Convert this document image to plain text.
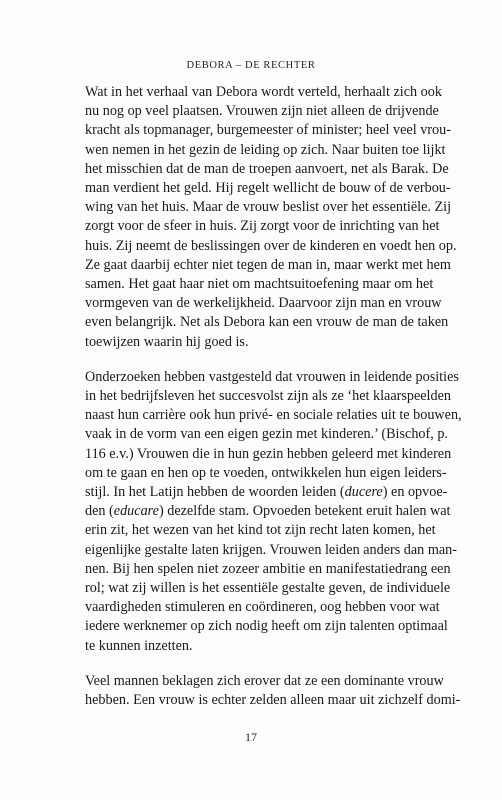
DEBORA – DE RECHTER

Wat in het verhaal van Debora wordt verteld, herhaalt zich ook
nu nog op veel plaatsen. Vrouwen zijn niet alleen de drijvende
kracht als topmanager, burgemeester of minister; heel veel vrou-
wen nemen in het gezin de leiding op zich. Naar buiten toe lijkt
het misschien dat de man de troepen aanvoert, net als Barak. De
man verdient het geld. Hij regelt wellicht de bouw of de verbou-
wing van het huis. Maar de vrouw beslist over het essentiële. Zij
zorgt voor de sfeer in huis. Zij zorgt voor de inrichting van het
huis. Zij neemt de beslissingen over de kinderen en voedt hen op.
Ze gaat daarbij echter niet tegen de man in, maar werkt met hem
samen. Het gaat haar niet om machtsuitoefening maar om het
vormgeven van de werkelijkheid. Daarvoor zijn man en vrouw
even belangrijk. Net als Debora kan een vrouw de man de taken
toewijzen waarin hij goed is.

Onderzoeken hebben vastgesteld dat vrouwen in leidende posities
in het bedrijfsleven het succesvolst zijn als ze ‘het klaarspeelden
naast hun carrière ook hun privé- en sociale relaties uit te bouwen,
vaak in de vorm van een eigen gezin met kinderen.’ (Bischof, p.
116 e.v.) Vrouwen die in hun gezin hebben geleerd met kinderen
om te gaan en hen op te voeden, ontwikkelen hun eigen leiders-
stijl. In het Latijn hebben de woorden leiden (ducere) en opvoe-
den (educare) dezelfde stam. Opvoeden betekent eruit halen wat
erin zit, het wezen van het kind tot zijn recht laten komen, het
eigenlijke gestalte laten krijgen. Vrouwen leiden anders dan man-
nen. Bij hen spelen niet zozeer ambitie en manifestatiedrang een
rol; wat zij willen is het essentiële gestalte geven, de individuele
vaardigheden stimuleren en coördineren, oog hebben voor wat
iedere werknemer op zich nodig heeft om zijn talenten optimaal
te kunnen inzetten.

Veel mannen beklagen zich erover dat ze een dominante vrouw
hebben. Een vrouw is echter zelden alleen maar uit zichzelf domi-

17
